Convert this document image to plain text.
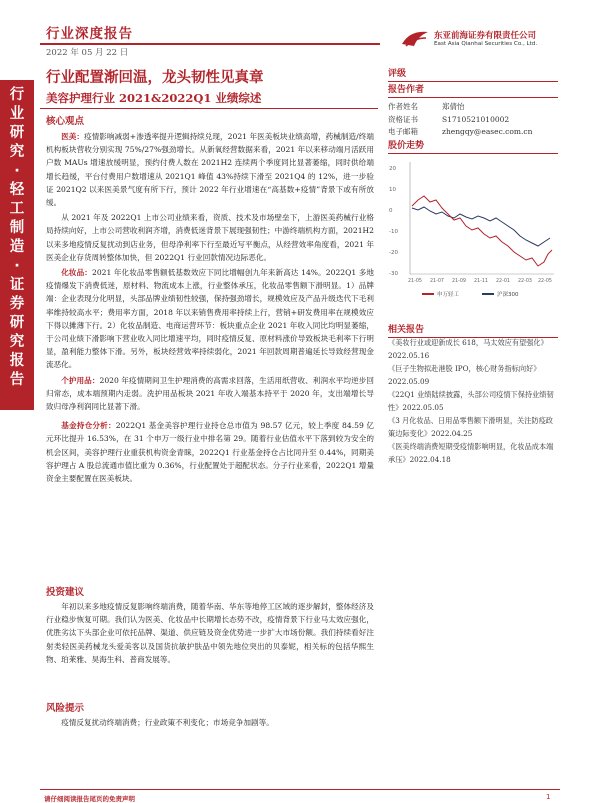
行业深度报告
2022 年 05 月 22 日
东亚前海证券有限责任公司
East Asia Qianhai Securities Co., Ltd.
行
业
研
究
·
轻
工
制
造
·
证
券
研
究
报
告
行业配置渐回温，龙头韧性见真章
美容护理行业 2021&2022Q1 业绩综述
核心观点

医美：疫情影响减弱+渗透率提升逻辑持续兑现，2021 年医美板块业绩高增，药械制造/终端机构板块营收分别实现 75%/27%强劲增长。从新氧经营数据来看，2021 年以来移动端月活跃用户数 MAUs 增速放缓明显，预约付费人数在 2021H2 连续两个季度同比显著萎缩，同时供给端增长趋缓，平台付费用户数增速从 2021Q1 峰值 43%持续下滑至 2021Q4 的 12%，进一步验证 2021Q2 以来医美景气度有所下行，预计 2022 年行业增速在“高基数+疫情”背景下或有所放缓。

从 2021 年及 2022Q1 上市公司业绩来看，资质、技术及市场壁垒下，上游医美药械行业格局持续向好，上市公司营收利润齐增，消费低迷背景下展现强韧性；中游终端机构方面，2021H2 以来多地疫情反复扰动到店业务，但母净利率下行至最近写平衡点，从经营效率角度看，2021 年医美企业存货周转整体加快，但 2022Q1 行业回款情况边际恶化。

化妆品：2021 年化妆品零售额低基数效应下同比增幅创九年来新高达 14%。2022Q1 多地疫情爆发下消费低迷，原材料、物流成本上涨，行业整体承压，化妆品零售额下滑明显。1）品牌端：企业表现分化明显，头部品牌业绩韧性较强，保持强劲增长，规模效应及产品升级迭代下毛利率维持较高水平；费用率方面，2018 年以来销售费用率持续上行，营销+研发费用率在规模效应下得以摊薄下行。2）化妆品制造、电商运营环节：板块重点企业 2021 年收入同比均明显萎缩，于公司业绩下滑影响下营业收入同比增速平均，同时疫情反复、原材料涨价导致板块毛利率下行明显，盈利能力整体下滑。另外，板块经营效率持续弱化，2021 年回款周期普遍延长导致经营现金流恶化。

个护用品：2020 年疫情期间卫生护理消费的高需求回落，生活用纸营收、利润水平均逆步回归常态，成本端预期内走弱。洗护用品板块 2021 年收入端基本持平于 2020 年，支出端增长导致归母净利润同比显著下滑。

基金持仓分析：2022Q1 基金美容护理行业持仓总市值为 98.57 亿元，较上季度 84.59 亿元环比提升 16.53%，在 31 个申万一级行业中排名第 29。随着行业估值水平下落到较为安全的机会区间，美容护理行业重获机构资金青睐，2022Q1 行业基金持仓占比同升至 0.44%，同期美容护理占 A 股总流通市值比重为 0.36%，行业配置处于超配状态。分子行业来看，2022Q1 增量资金主要配置在医美板块。

投资建议

年初以来多地疫情反复影响终端消费，随着华南、华东等地停工区域的逐步解封，整体经济及行业稳步恢复可期。我们认为医美、化妆品中长期增长态势不改，疫情背景下行业马太效应强化，优胜劣汰下头部企业可依托品牌、渠道、供应链及资金优势进一步扩大市场份额。我们持续看好注射类轻医美药械龙头爱美客以及国货抗敏护肤品中领先地位突出的贝泰妮，相关标的包括华熙生物、珀莱雅、昊海生科、普商发展等。

风险提示

疫情反复扰动终端消费；行业政策不利变化；市场竞争加剧等。

评级
报告作者
作者姓名	郑倩怡
资格证书	S1710521010002
电子邮箱	zhengqy@easec.com.cn
股价走势
20
10
0
-10
-20
-30
21-05 21-07 21-09 21-11 22-01 22-03 22-05
申万轻工	沪深300
相关报告
《美妆行业或迎新成长 618，马太效应有望强化》2022.05.16
《巨子生物拟赴港股 IPO，核心财务指标向好》2022.05.09
《22Q1 业绩陆续披露，头部公司疫情下保持业绩韧性》2022.05.05
《3 月化妆品、日用品零售额下滑明显，关注防疫政策边际变化》2022.04.25
《医美终端消费短期受疫情影响明显，化妆品成本端承压》2022.04.18
请仔细阅读报告尾页的免责声明	1
